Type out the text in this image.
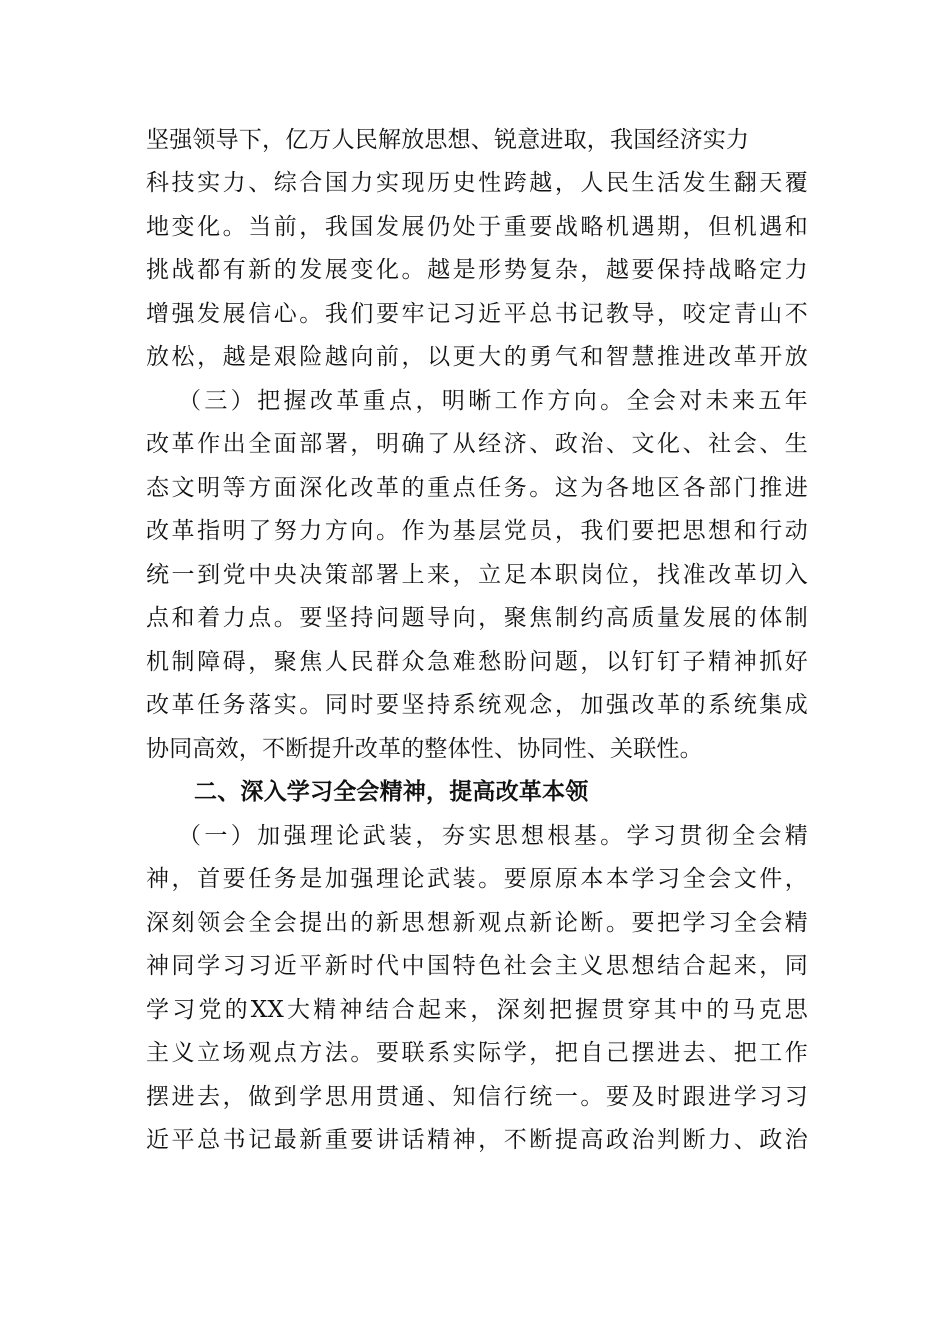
坚强领导下，亿万人民解放思想、锐意进取，我国经济实力
科技实力、综合国力实现历史性跨越，人民生活发生翻天覆
地变化。当前，我国发展仍处于重要战略机遇期，但机遇和
挑战都有新的发展变化。越是形势复杂，越要保持战略定力
增强发展信心。我们要牢记习近平总书记教导，咬定青山不
放松，越是艰险越向前，以更大的勇气和智慧推进改革开放
（三）把握改革重点，明晰工作方向。全会对未来五年
改革作出全面部署，明确了从经济、政治、文化、社会、生
态文明等方面深化改革的重点任务。这为各地区各部门推进
改革指明了努力方向。作为基层党员，我们要把思想和行动
统一到党中央决策部署上来，立足本职岗位，找准改革切入
点和着力点。要坚持问题导向，聚焦制约高质量发展的体制
机制障碍，聚焦人民群众急难愁盼问题，以钉钉子精神抓好
改革任务落实。同时要坚持系统观念，加强改革的系统集成
协同高效，不断提升改革的整体性、协同性、关联性。
二、深入学习全会精神，提高改革本领
（一）加强理论武装，夯实思想根基。学习贯彻全会精
神，首要任务是加强理论武装。要原原本本学习全会文件，
深刻领会全会提出的新思想新观点新论断。要把学习全会精
神同学习习近平新时代中国特色社会主义思想结合起来，同
学习党的XX大精神结合起来，深刻把握贯穿其中的马克思
主义立场观点方法。要联系实际学，把自己摆进去、把工作
摆进去，做到学思用贯通、知信行统一。要及时跟进学习习
近平总书记最新重要讲话精神，不断提高政治判断力、政治
